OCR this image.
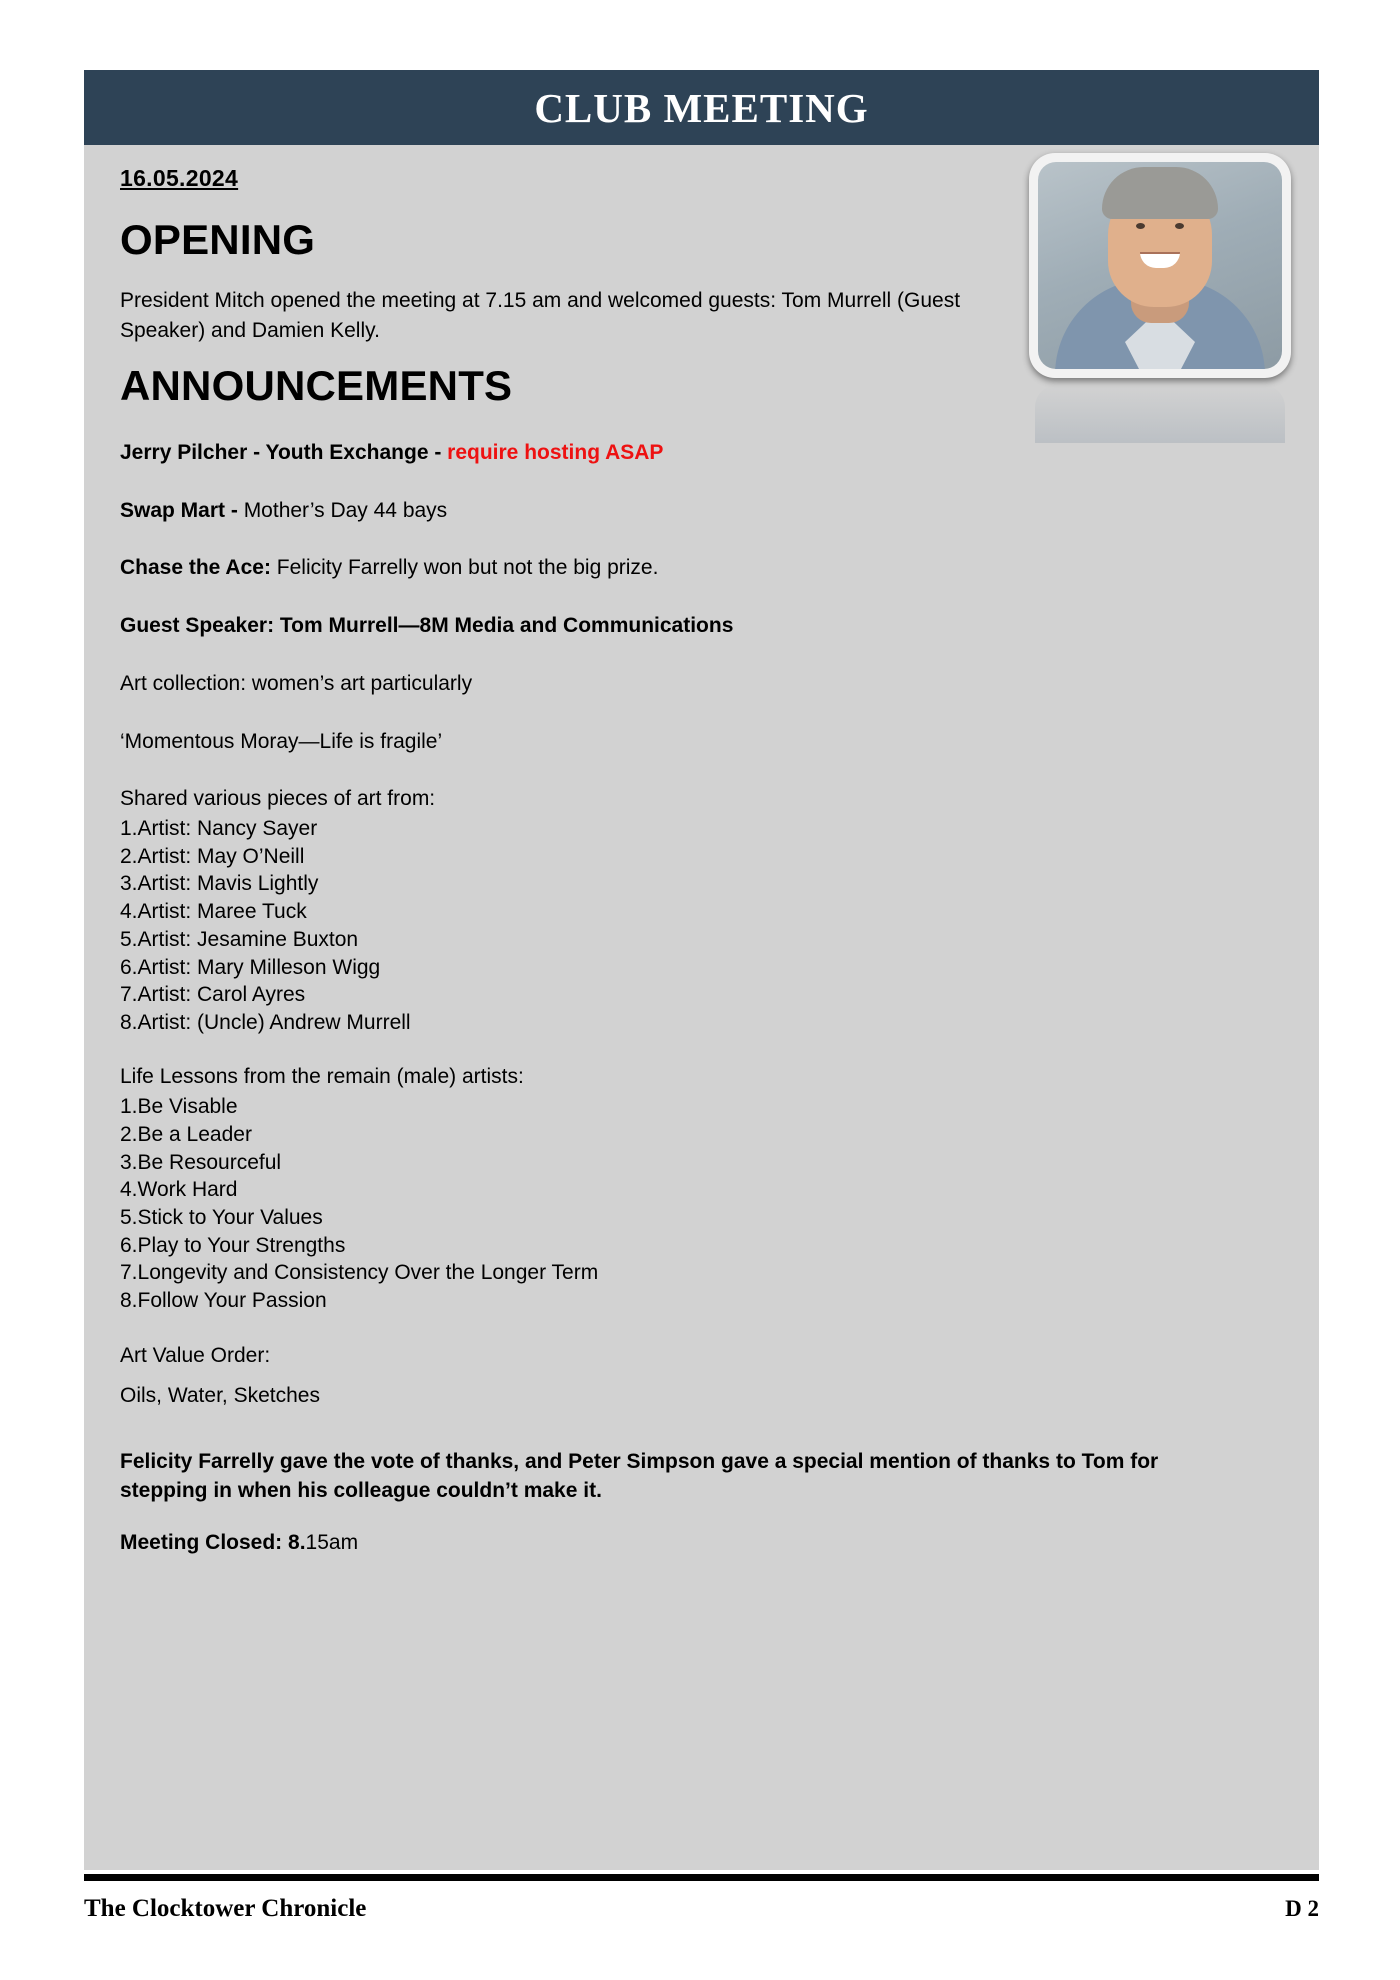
CLUB MEETING
16.05.2024
OPENING

President Mitch opened the meeting at 7.15 am and welcomed guests: Tom Murrell (Guest Speaker) and Damien Kelly.

ANNOUNCEMENTS

Jerry Pilcher - Youth Exchange - require hosting ASAP

Swap Mart - Mother’s Day 44 bays

Chase the Ace: Felicity Farrelly won but not the big prize.

Guest Speaker: Tom Murrell—8M Media and Communications

Art collection: women’s art particularly

‘Momentous Moray—Life is fragile’

Shared various pieces of art from:

1.Artist: Nancy Sayer
2.Artist: May O’Neill
3.Artist: Mavis Lightly
4.Artist: Maree Tuck
5.Artist: Jesamine Buxton
6.Artist: Mary Milleson Wigg
7.Artist: Carol Ayres
8.Artist: (Uncle) Andrew Murrell

Life Lessons from the remain (male) artists:

1.Be Visable
2.Be a Leader
3.Be Resourceful
4.Work Hard
5.Stick to Your Values
6.Play to Your Strengths
7.Longevity and Consistency Over the Longer Term
8.Follow Your Passion

Art Value Order:

Oils, Water, Sketches

Felicity Farrelly gave the vote of thanks, and Peter Simpson gave a special mention of thanks to Tom for stepping in when his colleague couldn’t make it.

Meeting Closed: 8.15am

The Clocktower Chronicle	D 2
